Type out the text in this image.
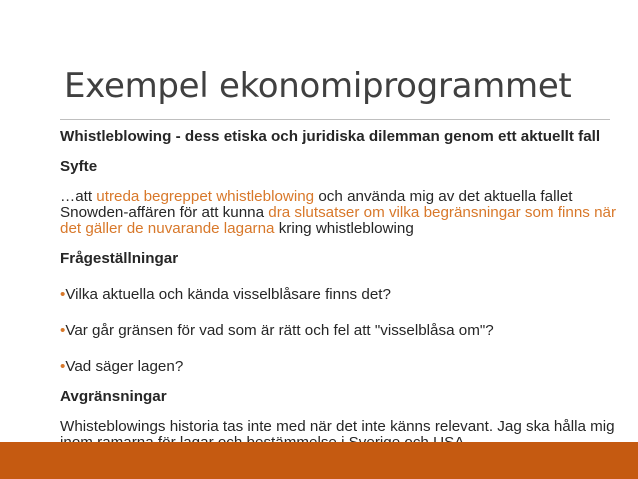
Exempel ekonomiprogrammet

Whistleblowing - dess etiska och juridiska dilemman genom ett aktuellt fall

Syfte

…att utreda begreppet whistleblowing och använda mig av det aktuella fallet Snowden-affären för att kunna dra slutsatser om vilka begränsningar som finns när det gäller de nuvarande lagarna kring whistleblowing

Frågeställningar

•Vilka aktuella och kända visselblåsare finns det?

•Var går gränsen för vad som är rätt och fel att "visselblåsa om"?

•Vad säger lagen?

Avgränsningar

Whisteblowings historia tas inte med när det inte känns relevant. Jag ska hålla mig
